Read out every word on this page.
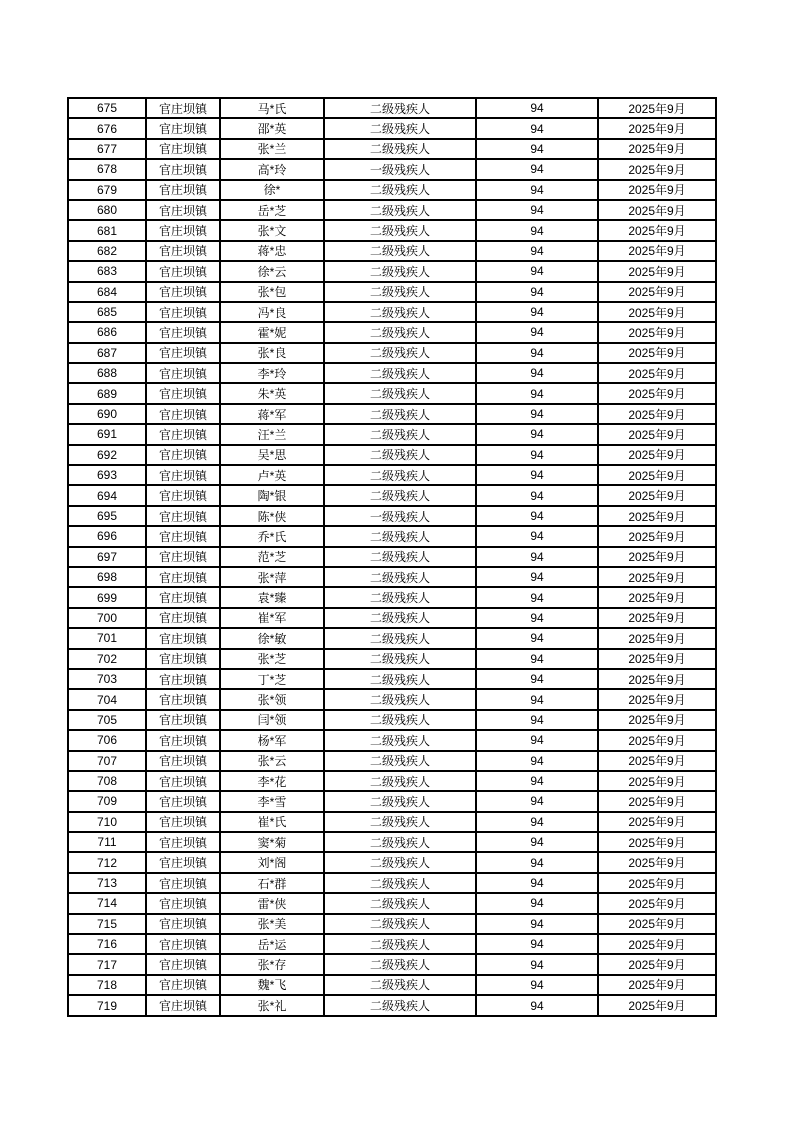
675	官庄坝镇	马*氏	二级残疾人	94	2025年9月
676	官庄坝镇	邵*英	二级残疾人	94	2025年9月
677	官庄坝镇	张*兰	二级残疾人	94	2025年9月
678	官庄坝镇	高*玲	一级残疾人	94	2025年9月
679	官庄坝镇	徐*	二级残疾人	94	2025年9月
680	官庄坝镇	岳*芝	二级残疾人	94	2025年9月
681	官庄坝镇	张*文	二级残疾人	94	2025年9月
682	官庄坝镇	蒋*忠	二级残疾人	94	2025年9月
683	官庄坝镇	徐*云	二级残疾人	94	2025年9月
684	官庄坝镇	张*包	二级残疾人	94	2025年9月
685	官庄坝镇	冯*良	二级残疾人	94	2025年9月
686	官庄坝镇	霍*妮	二级残疾人	94	2025年9月
687	官庄坝镇	张*良	二级残疾人	94	2025年9月
688	官庄坝镇	李*玲	二级残疾人	94	2025年9月
689	官庄坝镇	朱*英	二级残疾人	94	2025年9月
690	官庄坝镇	蒋*军	二级残疾人	94	2025年9月
691	官庄坝镇	汪*兰	二级残疾人	94	2025年9月
692	官庄坝镇	吴*思	二级残疾人	94	2025年9月
693	官庄坝镇	卢*英	二级残疾人	94	2025年9月
694	官庄坝镇	陶*银	二级残疾人	94	2025年9月
695	官庄坝镇	陈*侠	一级残疾人	94	2025年9月
696	官庄坝镇	乔*氏	二级残疾人	94	2025年9月
697	官庄坝镇	范*芝	二级残疾人	94	2025年9月
698	官庄坝镇	张*萍	二级残疾人	94	2025年9月
699	官庄坝镇	袁*臻	二级残疾人	94	2025年9月
700	官庄坝镇	崔*军	二级残疾人	94	2025年9月
701	官庄坝镇	徐*敏	二级残疾人	94	2025年9月
702	官庄坝镇	张*芝	二级残疾人	94	2025年9月
703	官庄坝镇	丁*芝	二级残疾人	94	2025年9月
704	官庄坝镇	张*领	二级残疾人	94	2025年9月
705	官庄坝镇	闫*领	二级残疾人	94	2025年9月
706	官庄坝镇	杨*军	二级残疾人	94	2025年9月
707	官庄坝镇	张*云	二级残疾人	94	2025年9月
708	官庄坝镇	李*花	二级残疾人	94	2025年9月
709	官庄坝镇	李*雪	二级残疾人	94	2025年9月
710	官庄坝镇	崔*氏	二级残疾人	94	2025年9月
711	官庄坝镇	窦*菊	二级残疾人	94	2025年9月
712	官庄坝镇	刘*阁	二级残疾人	94	2025年9月
713	官庄坝镇	石*群	二级残疾人	94	2025年9月
714	官庄坝镇	雷*侠	二级残疾人	94	2025年9月
715	官庄坝镇	张*美	二级残疾人	94	2025年9月
716	官庄坝镇	岳*运	二级残疾人	94	2025年9月
717	官庄坝镇	张*存	二级残疾人	94	2025年9月
718	官庄坝镇	魏*飞	二级残疾人	94	2025年9月
719	官庄坝镇	张*礼	二级残疾人	94	2025年9月
